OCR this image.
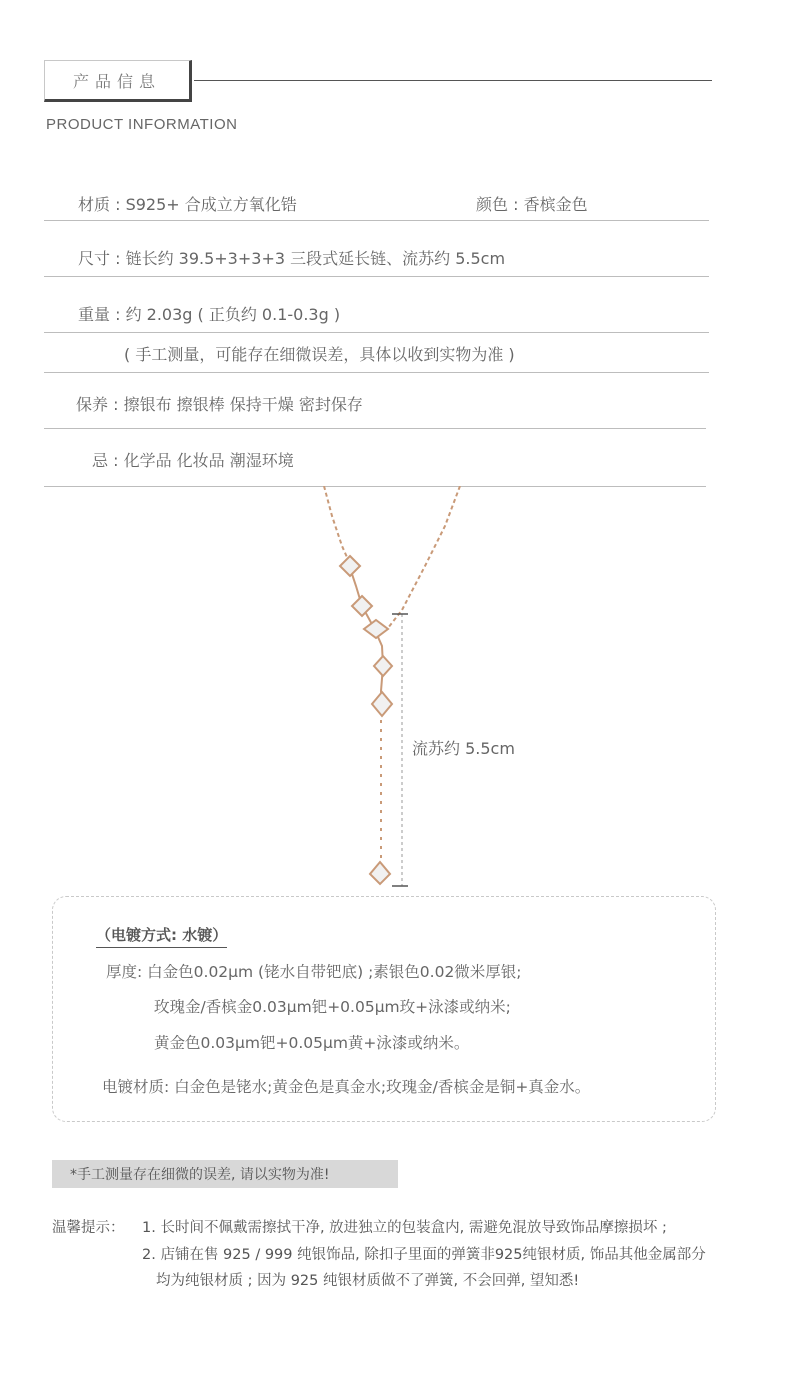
产品信息
PRODUCT INFORMATION
材质 : S925+ 合成立方氧化锆	颜色 : 香槟金色
尺寸 : 链长约 39.5+3+3+3 三段式延长链、流苏约 5.5cm
重量 : 约 2.03g ( 正负约 0.1-0.3g )
( 手工测量，可能存在细微误差，具体以收到实物为准 )
保养 : 擦银布 擦银棒 保持干燥 密封保存
忌 : 化学品 化妆品 潮湿环境
流苏约 5.5cm
（电镀方式: 水镀）
厚度: 白金色0.02μm (铑水自带钯底) ;素银色0.02微米厚银;
玫瑰金/香槟金0.03μm钯+0.05μm玫+泳漆或纳米;
黄金色0.03μm钯+0.05μm黄+泳漆或纳米。
电镀材质: 白金色是铑水;黄金色是真金水;玫瑰金/香槟金是铜+真金水。
*手工测量存在细微的误差, 请以实物为准!
温馨提示： 1. 长时间不佩戴需擦拭干净, 放进独立的包装盒内, 需避免混放导致饰品摩擦损坏 ;
2. 店铺在售 925 / 999 纯银饰品, 除扣子里面的弹簧非925纯银材质, 饰品其他金属部分
均为纯银材质 ; 因为 925 纯银材质做不了弹簧, 不会回弹, 望知悉!
